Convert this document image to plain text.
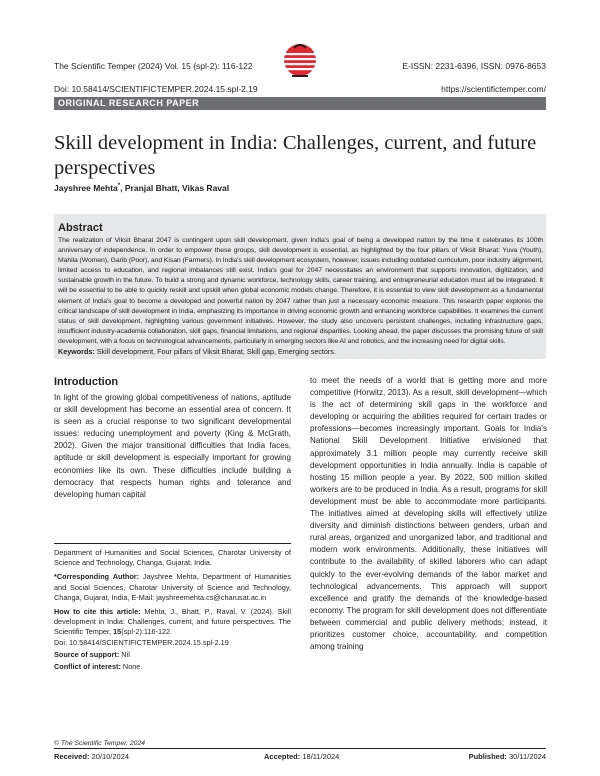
The Scientific Temper (2024) Vol. 15 (spl-2): 116-122
Doi: 10.58414/SCIENTIFICTEMPER.2024.15.spl-2.19
E-ISSN: 2231-6396, ISSN: 0976-8653
https://scientifictemper.com/
ORIGINAL RESEARCH PAPER
Skill development in India: Challenges, current, and future perspectives
Jayshree Mehta*, Pranjal Bhatt, Vikas Raval
Abstract
The realization of Viksit Bharat 2047 is contingent upon skill development, given India's goal of being a developed nation by the time it celebrates its 100th anniversary of independence. In order to empower these groups, skill development is essential, as highlighted by the four pillars of Viksit Bharat: Yuva (Youth), Mahila (Women), Garib (Poor), and Kisan (Farmers). In India's skill development ecosystem, however, issues including outdated curriculum, poor industry alignment, limited access to education, and regional imbalances still exist. India's goal for 2047 necessitates an environment that supports innovation, digitization, and sustainable growth in the future. To build a strong and dynamic workforce, technology skills, career training, and entrepreneurial education must all be integrated. It will be essential to be able to quickly reskill and upskill when global economic models change. Therefore, it is essential to view skill development as a fundamental element of India's goal to become a developed and powerful nation by 2047 rather than just a necessary economic measure. This research paper explores the critical landscape of skill development in India, emphasizing its importance in driving economic growth and enhancing workforce capabilities. It examines the current status of skill development, highlighting various government initiatives. However, the study also uncovers persistent challenges, including infrastructure gaps, insufficient industry-academia collaboration, skill gaps, financial limitations, and regional disparities. Looking ahead, the paper discusses the promising future of skill development, with a focus on technological advancements, particularly in emerging sectors like AI and robotics, and the increasing need for digital skills.
Keywords: Skill development, Four pillars of Viksit Bharat, Skill gap, Emerging sectors.
Introduction
In light of the growing global competitiveness of nations, aptitude or skill development has become an essential area of concern. It is seen as a crucial response to two significant developmental issues: reducing unemployment and poverty (King & McGrath, 2002). Given the major transitional difficulties that India faces, aptitude or skill development is especially important for growing economies like its own. These difficulties include building a democracy that respects human rights and tolerance and developing human capital
to meet the needs of a world that is getting more and more competitive (Horwitz, 2013). As a result, skill development—which is the act of determining skill gaps in the workforce and developing or acquiring the abilities required for certain trades or professions—becomes increasingly important. Goals for India's National Skill Development Initiative envisioned that approximately 3.1 million people may currently receive skill development opportunities in India annually. India is capable of hosting 15 million people a year. By 2022, 500 million skilled workers are to be produced in India. As a result, programs for skill development must be able to accommodate more participants. The initiatives aimed at developing skills will effectively utilize diversity and diminish distinctions between genders, urban and rural areas, organized and unorganized labor, and traditional and modern work environments. Additionally, these initiatives will contribute to the availability of skilled laborers who can adapt quickly to the ever-evolving demands of the labor market and technological advancements. This approach will support excellence and gratify the demands of the knowledge-based economy. The program for skill development does not differentiate between commercial and public delivery methods; instead, it prioritizes customer choice, accountability, and competition among training

Department of Humanities and Social Sciences, Charotar University of Science and Technology, Changa, Gujarat, India.

*Corresponding Author: Jayshree Mehta, Department of Humanities and Social Sciences, Charotar University of Science and Technology, Changa, Gujarat, India, E-Mail: jayshreemehta.cs@charusat.ac.in

How to cite this article: Mehta, J., Bhatt, P., Raval, V. (2024). Skill development in India: Challenges, current, and future perspectives. The Scientific Temper, 15(spl-2):116-122.

Doi: 10.58414/SCIENTIFICTEMPER.2024.15.spl-2.19

Source of support: Nil

Conflict of interest: None.

© The Scientific Temper. 2024
Received: 20/10/2024	Accepted: 18/11/2024	Published: 30/11/2024
